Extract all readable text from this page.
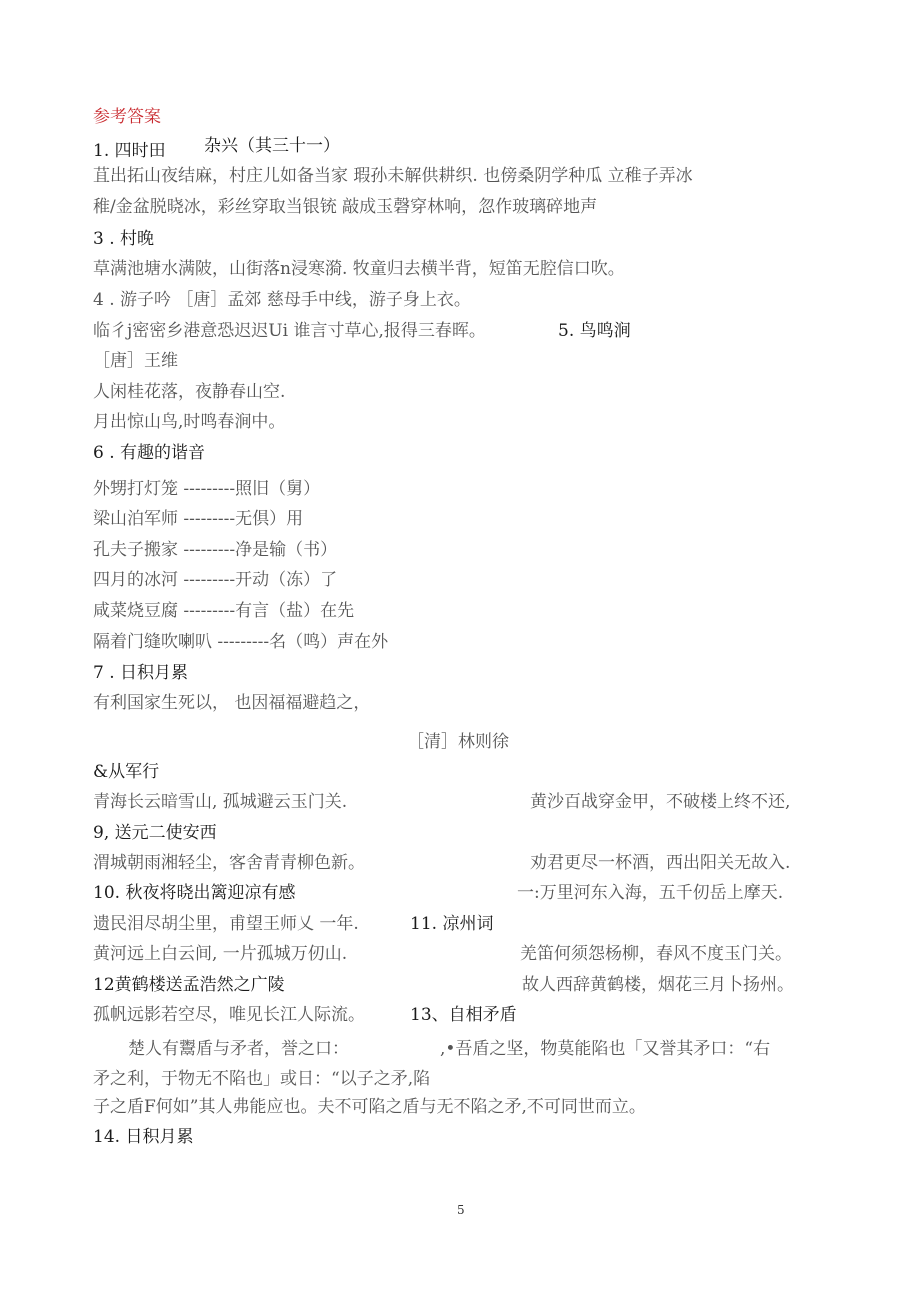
参考答案
1. 四时田 杂兴（其三十一）
苴出拓山夜结麻，村庄儿如备当家 瑕孙未解供耕织. 也傍桑阴学种瓜 立稚子弄冰
稚/金盆脱晓冰，彩丝穿取当银铳 敲成玉磬穿林响，忽作玻璃碎地声
3 . 村晚
草满池塘水满陂，山街落n浸寒漪. 牧童归去横半背，短笛无腔信口吹。
4 . 游子吟 ［唐］孟郊 慈母手中线，游子身上衣。
临彳j密密乡港意恐迟迟Ui 谁言寸草心,报得三春晖。	5. 鸟鸣涧
［唐］王维
人闲桂花落，夜静春山空.
月出惊山鸟,时鸣春涧中。
6 . 有趣的谐音
外甥打灯笼 ---------照旧（舅）
梁山泊军师 ---------无倶）用
孔夫子搬家 ---------净是输（书）
四月的冰河 ---------开动（冻）了
咸菜烧豆腐 ---------有言（盐）在先
隔着门缝吹喇叭 ---------名（鸣）声在外
7 . 日积月累
有利国家生死以， 也因福福避趋之，
［清］林则徐
&从军行
青海长云暗雪山, 孤城避云玉门关.	黄沙百战穿金甲，不破楼上终不还,
9, 送元二使安西
渭城朝雨湘轻尘，客舍青青柳色新。	劝君更尽一杯酒，西出阳关无故入.
10. 秋夜将晓出篱迎凉有感	一:万里河东入海，五千仞岳上摩天.
遗民泪尽胡尘里，甫望王师乂 一年.	11. 凉州词
黄河远上白云间, 一片孤城万仞山.	羌笛何须怨杨柳，春风不度玉门关。
12黄鹤楼送孟浩然之广陵	故人西辞黄鹤楼，烟花三月卜扬州。
孤帆远影若空尽，唯见长江人际流。	13、自相矛盾
楚人有鬻盾与矛者，誉之口：	,•吾盾之坚，物莫能陷也「又誉其矛口：“右
矛之利，于物无不陷也」或日：“以子之矛,陷
子之盾F何如”其人弗能应也。夫不可陷之盾与无不陷之矛,不可同世而立。
14. 日积月累
5
